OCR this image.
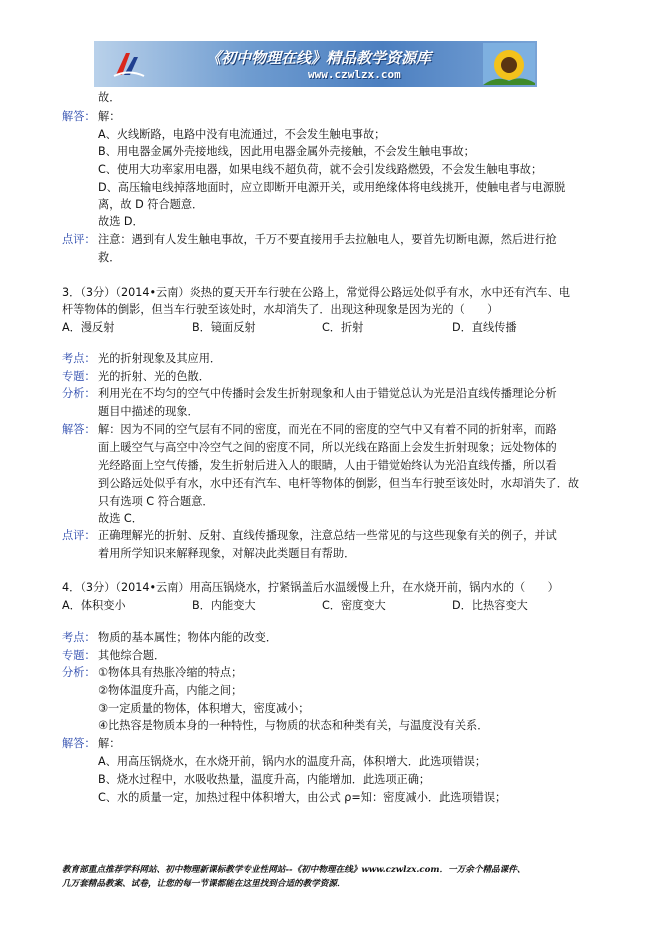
《初中物理在线》精品教学资源库
www.czwlzx.com
故．
解答： 解：
A、火线断路，电路中没有电流通过，不会发生触电事故；
B、用电器金属外壳接地线，因此用电器金属外壳接触，不会发生触电事故；
C、使用大功率家用电器，如果电线不超负荷，就不会引发线路燃毁，不会发生触电事故；
D、高压输电线掉落地面时，应立即断开电源开关，或用绝缘体将电线挑开，使触电者与电源脱
离，故 D 符合题意．
故选 D．
点评： 注意：遇到有人发生触电事故，千万不要直接用手去拉触电人，要首先切断电源，然后进行抢
救．
3．（3分）（2014•云南）炎热的夏天开车行驶在公路上，常觉得公路远处似乎有水，水中还有汽车、电
杆等物体的倒影，但当车行驶至该处时，水却消失了．出现这种现象是因为光的（　　）
A．漫反射	B．镜面反射	C．折射	D．直线传播
考点： 光的折射现象及其应用．
专题： 光的折射、光的色散．
分析： 利用光在不均匀的空气中传播时会发生折射现象和人由于错觉总认为光是沿直线传播理论分析
题目中描述的现象．
解答： 解：因为不同的空气层有不同的密度，而光在不同的密度的空气中又有着不同的折射率，而路
面上暖空气与高空中冷空气之间的密度不同，所以光线在路面上会发生折射现象；远处物体的
光经路面上空气传播，发生折射后进入人的眼睛，人由于错觉始终认为光沿直线传播，所以看
到公路远处似乎有水，水中还有汽车、电杆等物体的倒影，但当车行驶至该处时，水却消失了．故
只有选项 C 符合题意．
故选 C．
点评： 正确理解光的折射、反射、直线传播现象，注意总结一些常见的与这些现象有关的例子，并试
着用所学知识来解释现象，对解决此类题目有帮助．
4．（3分）（2014•云南）用高压锅烧水，拧紧锅盖后水温缓慢上升，在水烧开前，锅内水的（　　）
A．体积变小	B．内能变大	C．密度变大	D．比热容变大
考点： 物质的基本属性；物体内能的改变．
专题： 其他综合题．
分析： ①物体具有热胀冷缩的特点；
②物体温度升高，内能之间；
③一定质量的物体，体积增大，密度减小；
④比热容是物质本身的一种特性，与物质的状态和种类有关，与温度没有关系．
解答： 解：
A、用高压锅烧水，在水烧开前，锅内水的温度升高，体积增大．此选项错误；
B、烧水过程中，水吸收热量，温度升高，内能增加．此选项正确；
C、水的质量一定，加热过程中体积增大，由公式 ρ=知：密度减小．此选项错误；
教育部重点推荐学科网站、初中物理新课标教学专业性网站--《初中物理在线》www.czwlzx.com．一万余个精品课件、
几万套精品教案、试卷，让您的每一节课都能在这里找到合适的教学资源．
